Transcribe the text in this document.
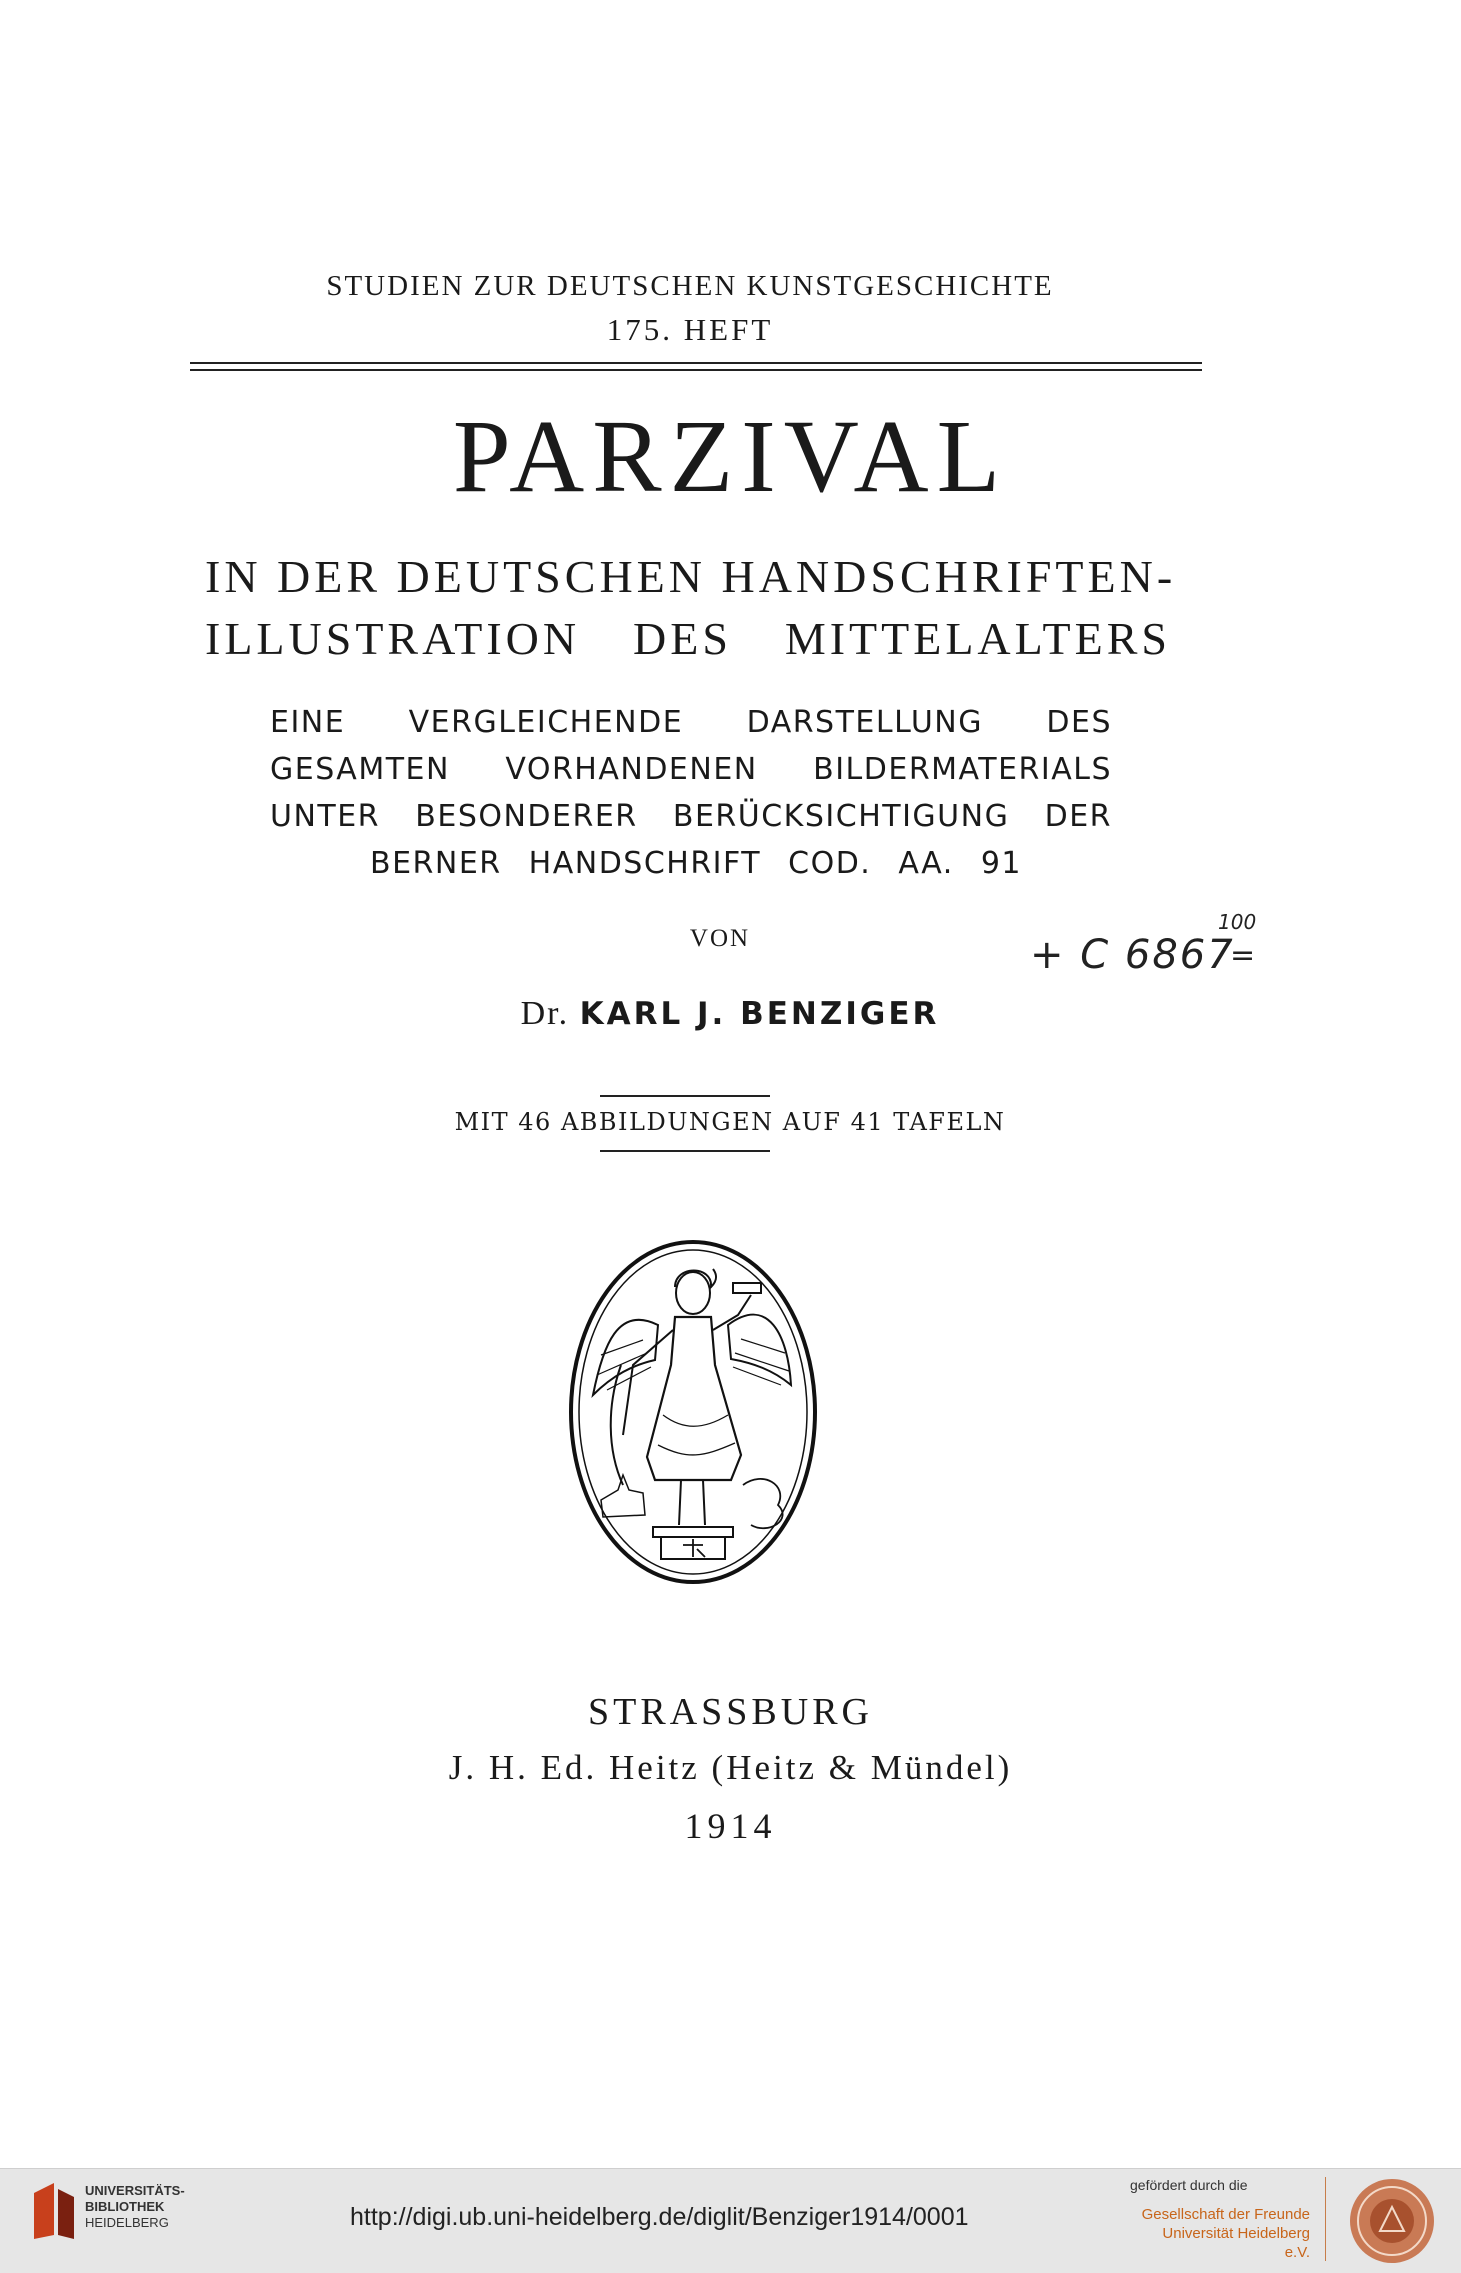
STUDIEN ZUR DEUTSCHEN KUNSTGESCHICHTE
175. HEFT
PARZIVAL
IN DER DEUTSCHEN HANDSCHRIFTEN-
ILLUSTRATION DES MITTELALTERS
EINE VERGLEICHENDE DARSTELLUNG DES
GESAMTEN VORHANDENEN BILDERMATERIALS
UNTER BESONDERER BERÜCKSICHTIGUNG DER
BERNER HANDSCHRIFT COD. AA. 91
VON	+ C 6867
100
=
Dr. KARL J. BENZIGER
MIT 46 ABBILDUNGEN AUF 41 TAFELN
STRASSBURG
J. H. Ed. Heitz (Heitz & Mündel)
1914
UNIVERSITÄTS-
BIBLIOTHEK
HEIDELBERG	http://digi.ub.uni-heidelberg.de/diglit/Benziger1914/0001
gefördert durch die
Gesellschaft der Freunde
Universität Heidelberg e.V.
